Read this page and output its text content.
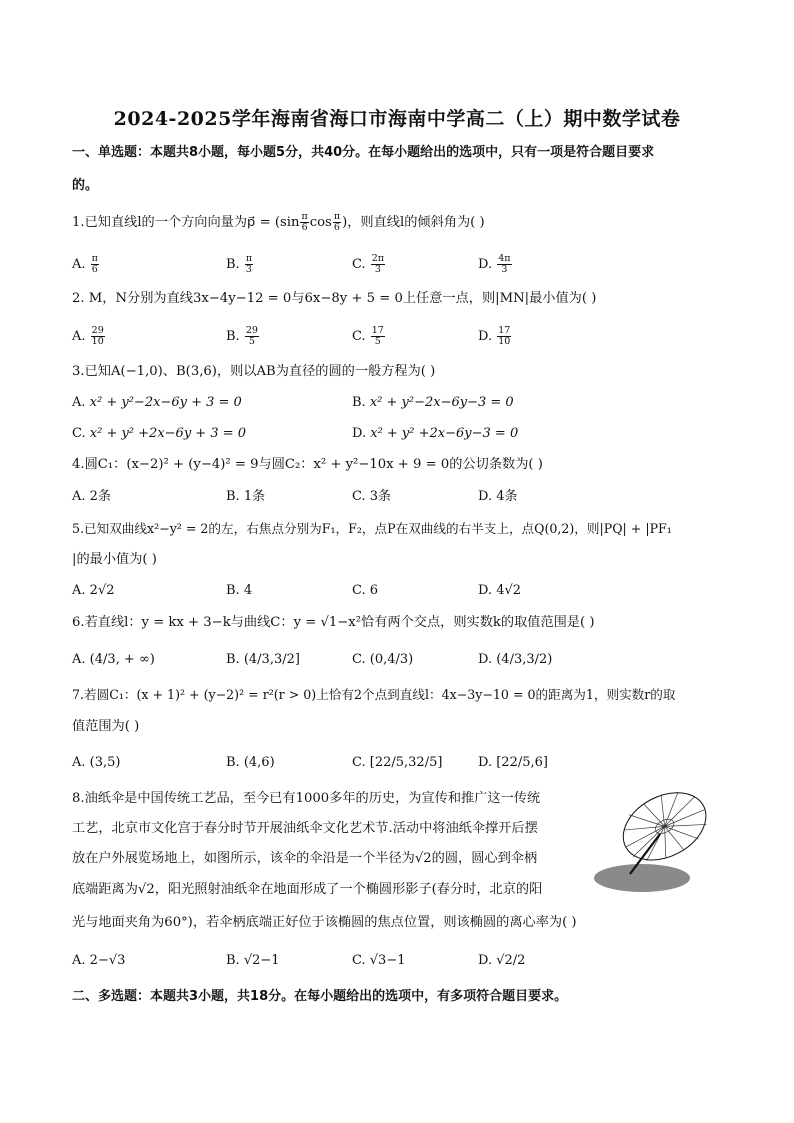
2024-2025学年海南省海口市海南中学高二（上）期中数学试卷
一、单选题：本题共8小题，每小题5分，共40分。在每小题给出的选项中，只有一项是符合题目要求
的。
1.已知直线l的一个方向向量为p⃗ = ($\sin \frac{\pi}{6}$ $\cos \frac{\pi}{6}$ )，则直线l的倾斜角为( )
A. $\frac{\pi}{6}$	B. $\frac{\pi}{3}$	C. $\frac{2\pi}{3}$	D. $\frac{4\pi}{3}$
2. M，N分别为直线3x−4y−12 = 0与6x−8y + 5 = 0上任意一点，则|MN|最小值为( )
A. $\frac{29}{10}$	B. $\frac{29}{5}$	C. $\frac{17}{5}$	D. $\frac{17}{10}$
3.已知A(−1,0)、B(3,6)，则以AB为直径的圆的一般方程为( )
A. x² + y²−2x−6y + 3 = 0	B. x² + y²−2x−6y−3 = 0
C. x² + y² +2x−6y + 3 = 0	D. x² + y² +2x−6y−3 = 0
4.圆C₁：(x−2)² + (y−4)² = 9与圆C₂：x² + y²−10x + 9 = 0的公切条数为( )
A. 2条	B. 1条	C. 3条	D. 4条
5.已知双曲线x²−y² = 2的左，右焦点分别为F₁，F₂，点P在双曲线的右半支上，点Q(0,2)，则|PQ| + |PF₁
|的最小值为( )
A. 2√2	B. 4	C. 6	D. 4√2
6.若直线l：y = kx + 3−k与曲线C：y = √1−x²恰有两个交点，则实数k的取值范围是( )
A. (4/3, + ∞)	B. (4/3,3/2]	C. (0,4/3)	D. (4/3,3/2)
7.若圆C₁：(x + 1)² + (y−2)² = r²(r > 0)上恰有2个点到直线l：4x−3y−10 = 0的距离为1，则实数r的取
值范围为( )
A. (3,5)	B. (4,6)	C. [22/5,32/5]	D. [22/5,6]
8.油纸伞是中国传统工艺品，至今已有1000多年的历史，为宣传和推广这一传统
工艺，北京市文化宫于春分时节开展油纸伞文化艺术节.活动中将油纸伞撑开后摆
放在户外展览场地上，如图所示，该伞的伞沿是一个半径为√2的圆，圆心到伞柄
底端距离为√2，阳光照射油纸伞在地面形成了一个椭圆形影子(春分时，北京的阳
光与地面夹角为60°)，若伞柄底端正好位于该椭圆的焦点位置，则该椭圆的离心率为( )
A. 2−√3	B. √2−1	C. √3−1	D. √2/2
二、多选题：本题共3小题，共18分。在每小题给出的选项中，有多项符合题目要求。
